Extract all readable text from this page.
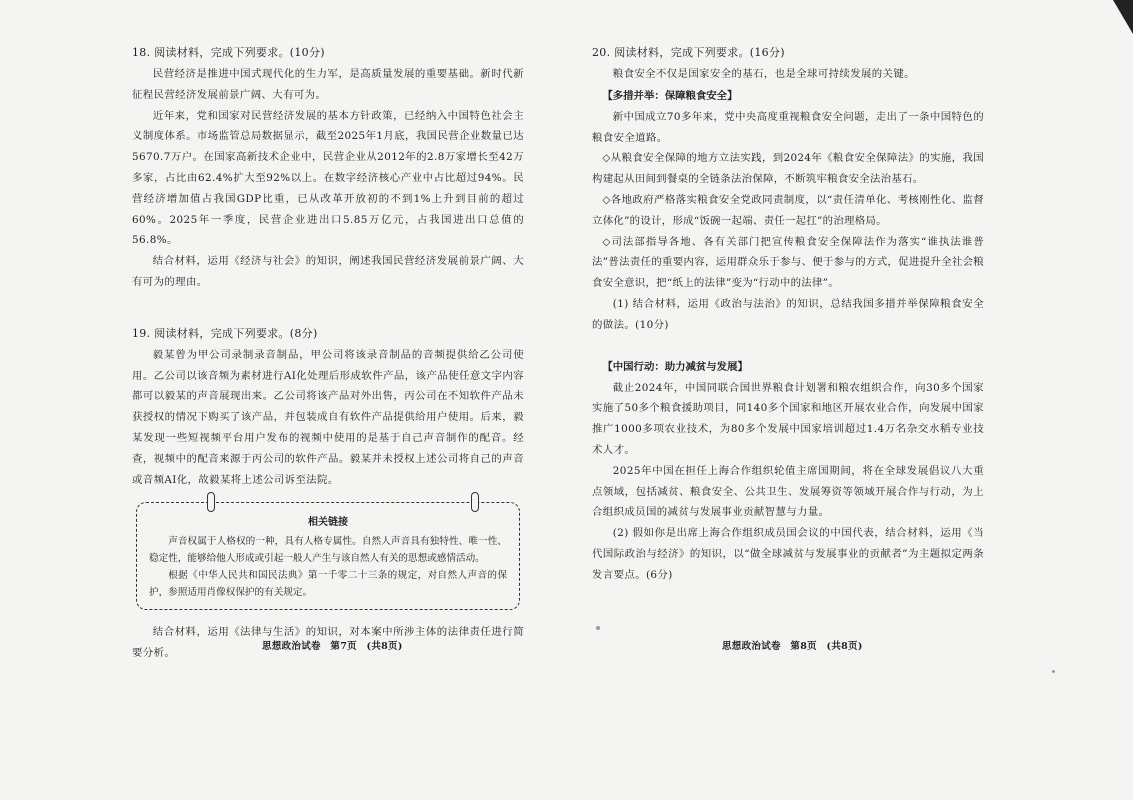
18. 阅读材料，完成下列要求。(10分)

民营经济是推进中国式现代化的生力军，是高质量发展的重要基础。新时代新征程民营经济发展前景广阔、大有可为。

近年来，党和国家对民营经济发展的基本方针政策，已经纳入中国特色社会主义制度体系。市场监管总局数据显示，截至2025年1月底，我国民营企业数量已达5670.7万户。在国家高新技术企业中，民营企业从2012年的2.8万家增长至42万多家，占比由62.4%扩大至92%以上。在数字经济核心产业中占比超过94%。民营经济增加值占我国GDP比重，已从改革开放初的不到1%上升到目前的超过60%。2025年一季度，民营企业进出口5.85万亿元，占我国进出口总值的56.8%。

结合材料，运用《经济与社会》的知识，阐述我国民营经济发展前景广阔、大有可为的理由。

19. 阅读材料，完成下列要求。(8分)

毅某曾为甲公司录制录音制品，甲公司将该录音制品的音频提供给乙公司使用。乙公司以该音频为素材进行AI化处理后形成软件产品，该产品使任意文字内容都可以毅某的声音展现出来。乙公司将该产品对外出售，丙公司在不知软件产品未获授权的情况下购买了该产品，并包装成自有软件产品提供给用户使用。后来，毅某发现一些短视频平台用户发布的视频中使用的是基于自己声音制作的配音。经查，视频中的配音来源于丙公司的软件产品。毅某并未授权上述公司将自己的声音或音频AI化，故毅某将上述公司诉至法院。

相关链接

声音权属于人格权的一种，具有人格专属性。自然人声音具有独特性、唯一性、稳定性，能够给他人形成或引起一般人产生与该自然人有关的思想或感情活动。

根据《中华人民共和国民法典》第一千零二十三条的规定，对自然人声音的保护，参照适用肖像权保护的有关规定。

结合材料，运用《法律与生活》的知识，对本案中所涉主体的法律责任进行简要分析。

思想政治试卷 第7页 (共8页)

20. 阅读材料，完成下列要求。(16分)

粮食安全不仅是国家安全的基石，也是全球可持续发展的关键。

【多措并举：保障粮食安全】

新中国成立70多年来，党中央高度重视粮食安全问题，走出了一条中国特色的粮食安全道路。

◇从粮食安全保障的地方立法实践，到2024年《粮食安全保障法》的实施，我国构建起从田间到餐桌的全链条法治保障，不断筑牢粮食安全法治基石。

◇各地政府严格落实粮食安全党政同责制度，以“责任清单化、考核刚性化、监督立体化”的设计，形成“饭碗一起端、责任一起扛”的治理格局。

◇司法部指导各地、各有关部门把宣传粮食安全保障法作为落实“谁执法谁普法”普法责任的重要内容，运用群众乐于参与、便于参与的方式，促进提升全社会粮食安全意识，把“纸上的法律”变为“行动中的法律”。

(1) 结合材料，运用《政治与法治》的知识，总结我国多措并举保障粮食安全的做法。(10分)

【中国行动：助力减贫与发展】

截止2024年，中国同联合国世界粮食计划署和粮农组织合作，向30多个国家实施了50多个粮食援助项目，同140多个国家和地区开展农业合作，向发展中国家推广1000多项农业技术，为80多个发展中国家培训超过1.4万名杂交水稻专业技术人才。

2025年中国在担任上海合作组织轮值主席国期间，将在全球发展倡议八大重点领域，包括减贫、粮食安全、公共卫生、发展筹资等领域开展合作与行动，为上合组织成员国的减贫与发展事业贡献智慧与力量。

(2) 假如你是出席上海合作组织成员国会议的中国代表，结合材料，运用《当代国际政治与经济》的知识，以“做全球减贫与发展事业的贡献者”为主题拟定两条发言要点。(6分)

思想政治试卷 第8页 (共8页)
